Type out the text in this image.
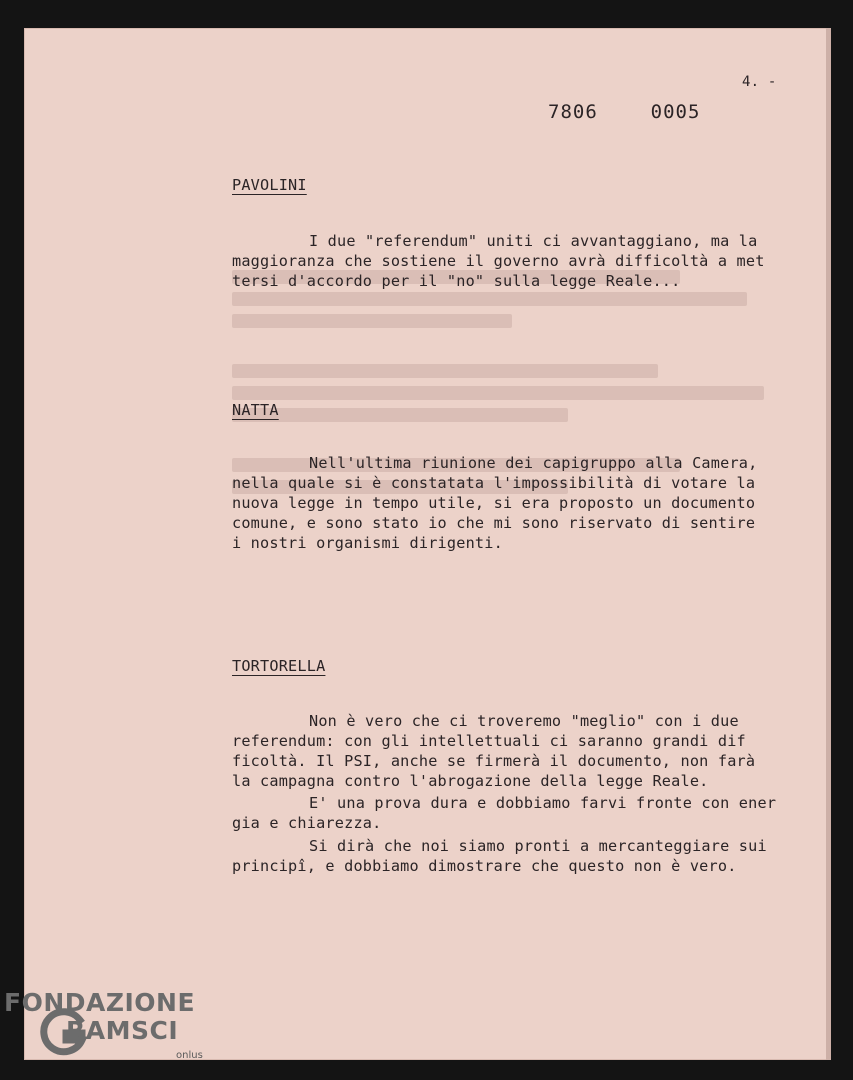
4. -
7806	0005
PAVOLINI
I due "referendum" uniti ci avvantaggiano, ma la
maggioranza che sostiene il governo avrà difficoltà a met
tersi d'accordo per il "no" sulla legge Reale...
NATTA
Nell'ultima riunione dei capigruppo alla Camera,
nella quale si è constatata l'impossibilità di votare la
nuova legge in tempo utile, si era proposto un documento
comune, e sono stato io che mi sono riservato di sentire
i nostri organismi dirigenti.
TORTORELLA
Non è vero che ci troveremo "meglio" con i due
referendum: con gli intellettuali ci saranno grandi dif
ficoltà. Il PSI, anche se firmerà il documento, non farà
la campagna contro l'abrogazione della legge Reale.
E' una prova dura e dobbiamo farvi fronte con ener
gia e chiarezza.
Si dirà che noi siamo pronti a mercanteggiare sui
principî, e dobbiamo dimostrare che questo non è vero.
FONDAZIONE
RAMSCI
onlus
